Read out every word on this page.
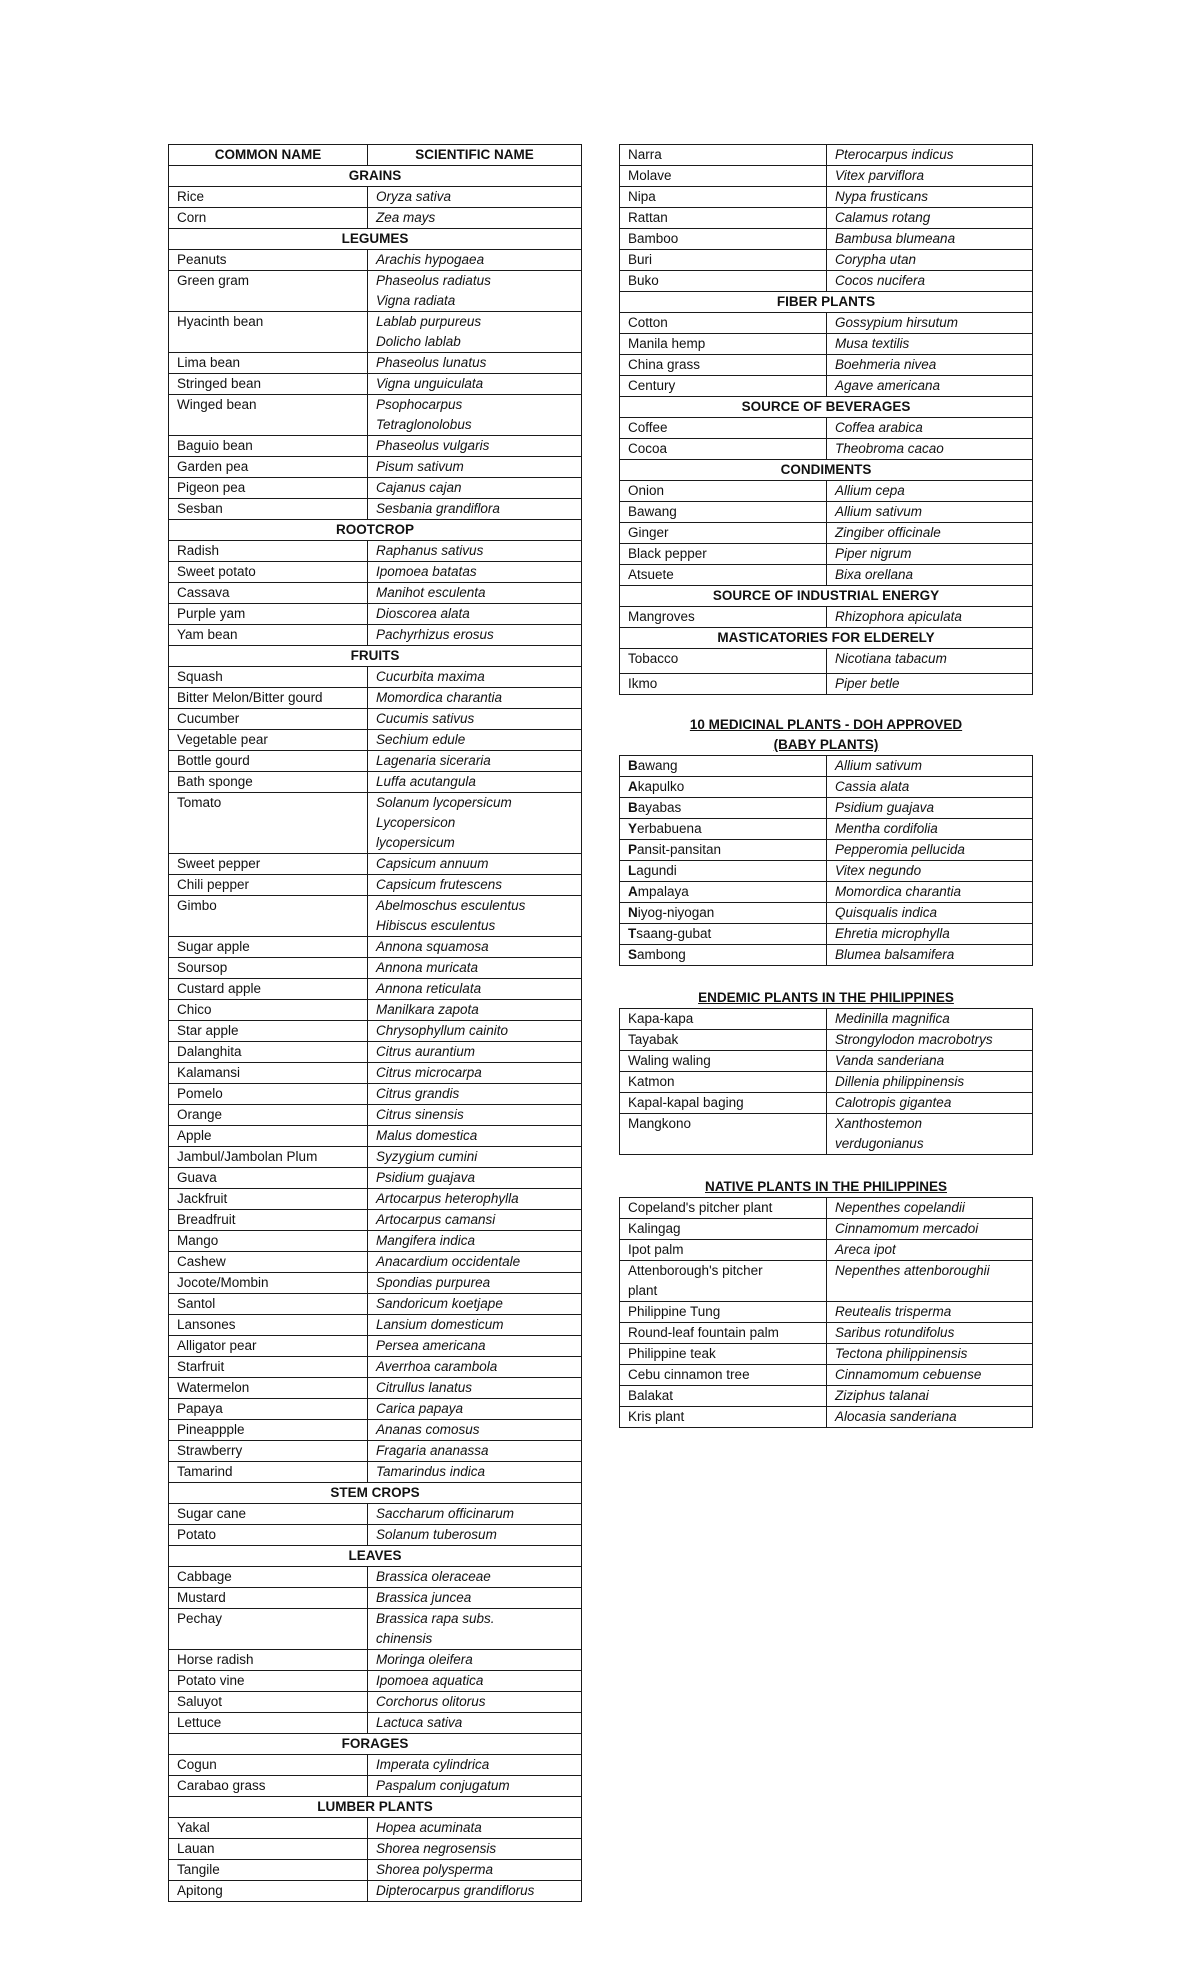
COMMON NAME	SCIENTIFIC NAME
GRAINS	
Rice	Oryza sativa
Corn	Zea mays
LEGUMES	
Peanuts	Arachis hypogaea
Green gram	Phaseolus radiatus
Vigna radiata
Hyacinth bean	Lablab purpureus
Dolicho lablab
Lima bean	Phaseolus lunatus
Stringed bean	Vigna unguiculata
Winged bean	Psophocarpus
Tetraglonolobus
Baguio bean	Phaseolus vulgaris
Garden pea	Pisum sativum
Pigeon pea	Cajanus cajan
Sesban	Sesbania grandiflora
ROOTCROP	
Radish	Raphanus sativus
Sweet potato	Ipomoea batatas
Cassava	Manihot esculenta
Purple yam	Dioscorea alata
Yam bean	Pachyrhizus erosus
FRUITS	
Squash	Cucurbita maxima
Bitter Melon/Bitter gourd	Momordica charantia
Cucumber	Cucumis sativus
Vegetable pear	Sechium edule
Bottle gourd	Lagenaria siceraria
Bath sponge	Luffa acutangula
Tomato	Solanum lycopersicum
Lycopersicon
lycopersicum
Sweet pepper	Capsicum annuum
Chili pepper	Capsicum frutescens
Gimbo	Abelmoschus esculentus
Hibiscus esculentus
Sugar apple	Annona squamosa
Soursop	Annona muricata
Custard apple	Annona reticulata
Chico	Manilkara zapota
Star apple	Chrysophyllum cainito
Dalanghita	Citrus aurantium
Kalamansi	Citrus microcarpa
Pomelo	Citrus grandis
Orange	Citrus sinensis
Apple	Malus domestica
Jambul/Jambolan Plum	Syzygium cumini
Guava	Psidium guajava
Jackfruit	Artocarpus heterophylla
Breadfruit	Artocarpus camansi
Mango	Mangifera indica
Cashew	Anacardium occidentale
Jocote/Mombin	Spondias purpurea
Santol	Sandoricum koetjape
Lansones	Lansium domesticum
Alligator pear	Persea americana
Starfruit	Averrhoa carambola
Watermelon	Citrullus lanatus
Papaya	Carica papaya
Pineappple	Ananas comosus
Strawberry	Fragaria ananassa
Tamarind	Tamarindus indica
STEM CROPS	
Sugar cane	Saccharum officinarum
Potato	Solanum tuberosum
LEAVES	
Cabbage	Brassica oleraceae
Mustard	Brassica juncea
Pechay	Brassica rapa subs.
chinensis
Horse radish	Moringa oleifera
Potato vine	Ipomoea aquatica
Saluyot	Corchorus olitorus
Lettuce	Lactuca sativa
FORAGES	
Cogun	Imperata cylindrica
Carabao grass	Paspalum conjugatum
LUMBER PLANTS	
Yakal	Hopea acuminata
Lauan	Shorea negrosensis
Tangile	Shorea polysperma
Apitong	Dipterocarpus grandiflorus
Narra	Pterocarpus indicus
Molave	Vitex parviflora
Nipa	Nypa frusticans
Rattan	Calamus rotang
Bamboo	Bambusa blumeana
Buri	Corypha utan
Buko	Cocos nucifera
FIBER PLANTS	
Cotton	Gossypium hirsutum
Manila hemp	Musa textilis
China grass	Boehmeria nivea
Century	Agave americana
SOURCE OF BEVERAGES	
Coffee	Coffea arabica
Cocoa	Theobroma cacao
CONDIMENTS	
Onion	Allium cepa
Bawang	Allium sativum
Ginger	Zingiber officinale
Black pepper	Piper nigrum
Atsuete	Bixa orellana
SOURCE OF INDUSTRIAL ENERGY	
Mangroves	Rhizophora apiculata
MASTICATORIES FOR ELDERELY	
Tobacco	Nicotiana tabacum
Ikmo	Piper betle

10 MEDICINAL PLANTS - DOH APPROVED
(BABY PLANTS)

Bawang	Allium sativum
Akapulko	Cassia alata
Bayabas	Psidium guajava
Yerbabuena	Mentha cordifolia
Pansit-pansitan	Pepperomia pellucida
Lagundi	Vitex negundo
Ampalaya	Momordica charantia
Niyog-niyogan	Quisqualis indica
Tsaang-gubat	Ehretia microphylla
Sambong	Blumea balsamifera

ENDEMIC PLANTS IN THE PHILIPPINES

Kapa-kapa	Medinilla magnifica
Tayabak	Strongylodon macrobotrys
Waling waling	Vanda sanderiana
Katmon	Dillenia philippinensis
Kapal-kapal baging	Calotropis gigantea
Mangkono	Xanthostemon
verdugonianus

NATIVE PLANTS IN THE PHILIPPINES

Copeland's pitcher plant	Nepenthes copelandii
Kalingag	Cinnamomum mercadoi
Ipot palm	Areca ipot
Attenborough's pitcher
plant	Nepenthes attenboroughii
Philippine Tung	Reutealis trisperma
Round-leaf fountain palm	Saribus rotundifolus
Philippine teak	Tectona philippinensis
Cebu cinnamon tree	Cinnamomum cebuense
Balakat	Ziziphus talanai
Kris plant	Alocasia sanderiana
